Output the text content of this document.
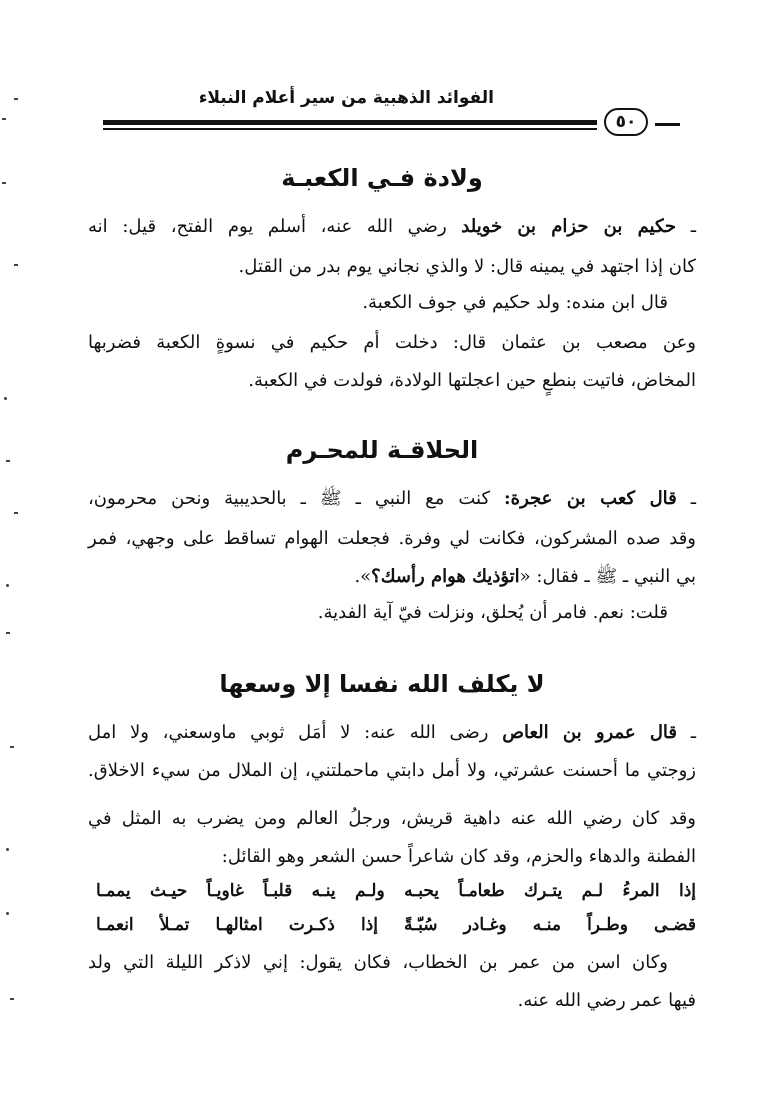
الفوائد الذهبية من سير أعلام النبلاء
٥٠
ولادة فـي الكعبـة
ـ حكيم بن حزام بن خويلد رضي الله عنه، أسلم يوم الفتح، قيل: انه
كان إذا اجتهد في يمينه قال: لا والذي نجاني يوم بدر من القتل.
قال ابن منده: ولد حكيم في جوف الكعبة.
وعن مصعب بن عثمان قال: دخلت أم حكيم في نسوةٍ الكعبة فضربها
المخاض، فاتيت بنطعٍ حين اعجلتها الولادة، فولدت في الكعبة.
الحلاقـة للمحـرم
ـ قال كعب بن عجرة: كنت مع النبي ـ ﷺ ـ بالحديبية ونحن محرمون،
وقد صده المشركون، فكانت لي وفرة. فجعلت الهوام تساقط على وجهي، فمر
بي النبي ـ ﷺ ـ فقال: «اتؤذيك هوام رأسك؟».
قلت: نعم. فامر أن يُحلق، ونزلت فيّ آية الفدية.
لا يكلف الله نفسا إلا وسعها
ـ قال عمرو بن العاص رضى الله عنه: لا أمَل ثوبي ماوسعني، ولا امل
زوجتي ما أحسنت عشرتي، ولا أمل دابتي ماحملتني، إن الملال من سيء الاخلاق.
وقد كان رضي الله عنه داهية قريش، ورجلُ العالم ومن يضرب به المثل في
الفطنة والدهاء والحزم، وقد كان شاعراً حسن الشعر وهو القائل:
إذا المرءُ لـم يتـرك طعامـاً يحبـه ولـم ينـه قلبـاً غاويـاً حيـث يممـا
قضـى وطـراً منـه وغـادر سُبّـةً إذا ذكـرت امثالهـا تمـلأ انعمـا
وكان اسن من عمر بن الخطاب، فكان يقول: إني لاذكر الليلة التي ولد
فيها عمر رضي الله عنه.
